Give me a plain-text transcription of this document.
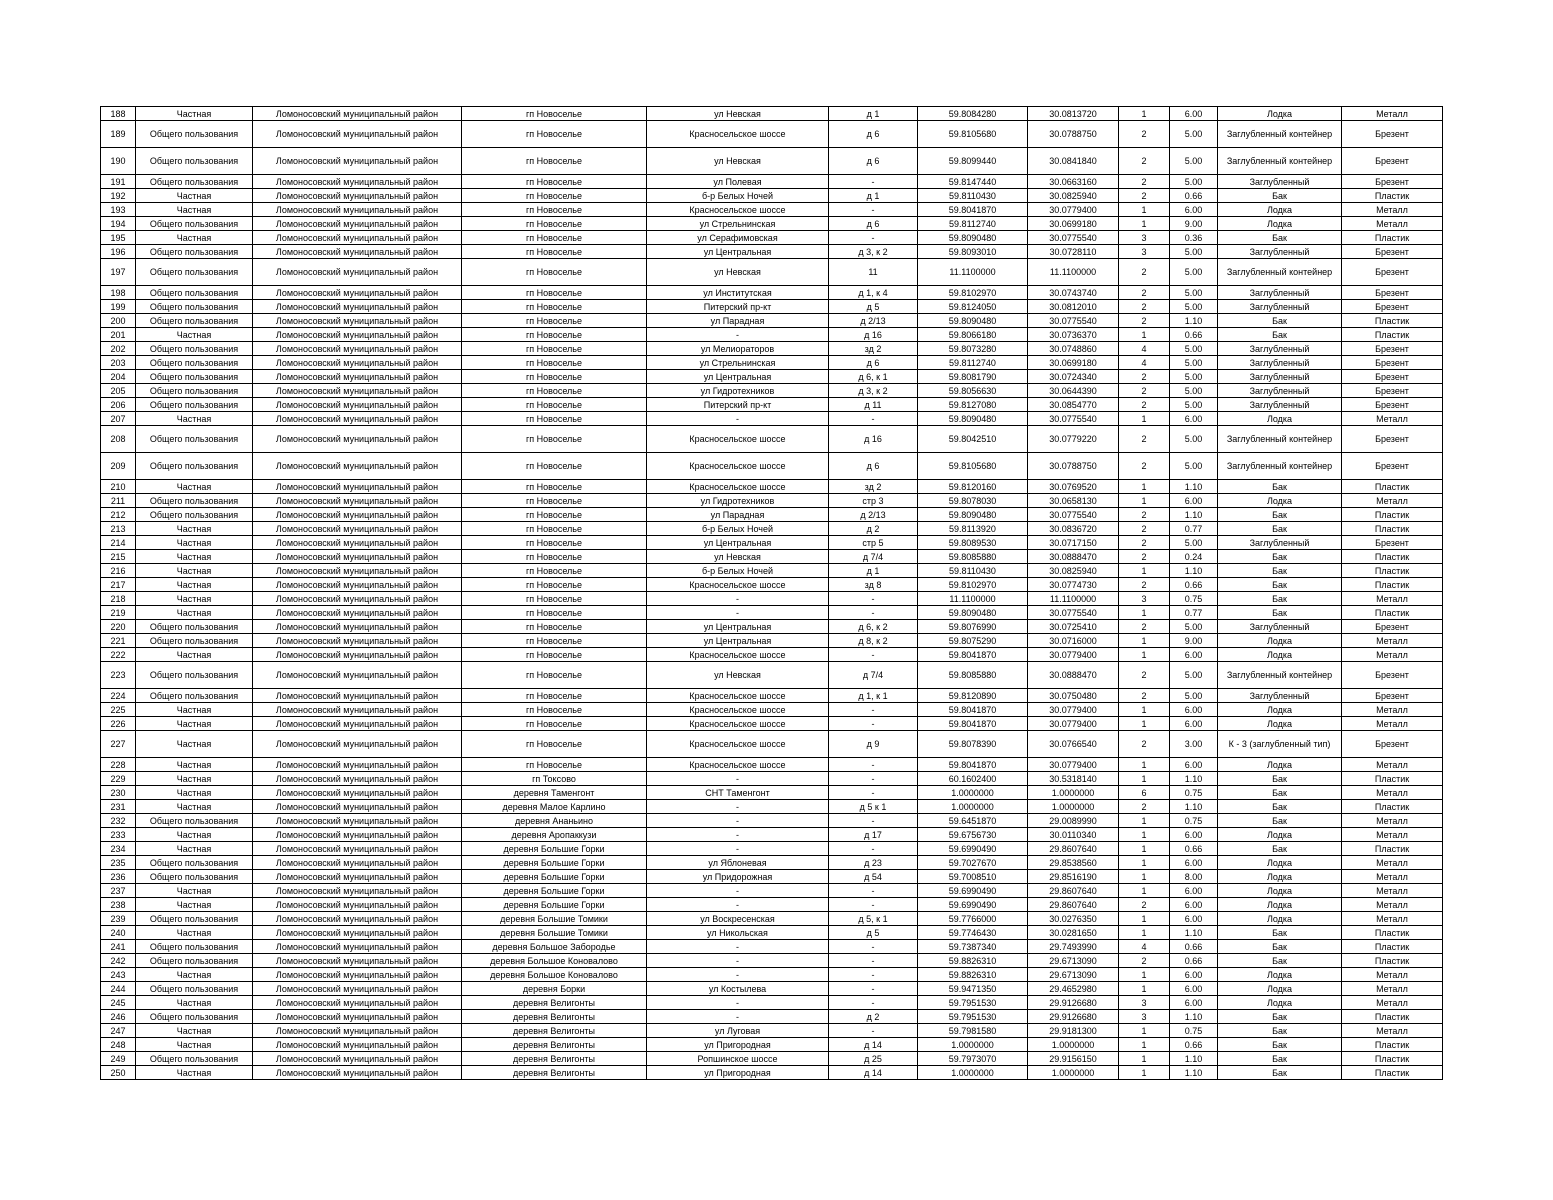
188	Частная	Ломоносовский муниципальный район	гп Новоселье	ул Невская	д 1	59.8084280	30.0813720	1	6.00	Лодка	Металл
189	Общего пользования	Ломоносовский муниципальный район	гп Новоселье	Красносельское шоссе	д 6	59.8105680	30.0788750	2	5.00	Заглубленный контейнер	Брезент
190	Общего пользования	Ломоносовский муниципальный район	гп Новоселье	ул Невская	д 6	59.8099440	30.0841840	2	5.00	Заглубленный контейнер	Брезент
191	Общего пользования	Ломоносовский муниципальный район	гп Новоселье	ул Полевая	-	59.8147440	30.0663160	2	5.00	Заглубленный	Брезент
192	Частная	Ломоносовский муниципальный район	гп Новоселье	б-р Белых Ночей	д 1	59.8110430	30.0825940	2	0.66	Бак	Пластик
193	Частная	Ломоносовский муниципальный район	гп Новоселье	Красносельское шоссе	-	59.8041870	30.0779400	1	6.00	Лодка	Металл
194	Общего пользования	Ломоносовский муниципальный район	гп Новоселье	ул Стрельнинская	д 6	59.8112740	30.0699180	1	9.00	Лодка	Металл
195	Частная	Ломоносовский муниципальный район	гп Новоселье	ул Серафимовская	-	59.8090480	30.0775540	3	0.36	Бак	Пластик
196	Общего пользования	Ломоносовский муниципальный район	гп Новоселье	ул Центральная	д 3, к 2	59.8093010	30.0728110	3	5.00	Заглубленный	Брезент
197	Общего пользования	Ломоносовский муниципальный район	гп Новоселье	ул Невская	11	11.1100000	11.1100000	2	5.00	Заглубленный контейнер	Брезент
198	Общего пользования	Ломоносовский муниципальный район	гп Новоселье	ул Институтская	д 1, к 4	59.8102970	30.0743740	2	5.00	Заглубленный	Брезент
199	Общего пользования	Ломоносовский муниципальный район	гп Новоселье	Питерский пр-кт	д 5	59.8124050	30.0812010	2	5.00	Заглубленный	Брезент
200	Общего пользования	Ломоносовский муниципальный район	гп Новоселье	ул Парадная	д 2/13	59.8090480	30.0775540	2	1.10	Бак	Пластик
201	Частная	Ломоносовский муниципальный район	гп Новоселье	-	д 16	59.8066180	30.0736370	1	0.66	Бак	Пластик
202	Общего пользования	Ломоносовский муниципальный район	гп Новоселье	ул Мелиораторов	зд 2	59.8073280	30.0748860	4	5.00	Заглубленный	Брезент
203	Общего пользования	Ломоносовский муниципальный район	гп Новоселье	ул Стрельнинская	д 6	59.8112740	30.0699180	4	5.00	Заглубленный	Брезент
204	Общего пользования	Ломоносовский муниципальный район	гп Новоселье	ул Центральная	д 6, к 1	59.8081790	30.0724340	2	5.00	Заглубленный	Брезент
205	Общего пользования	Ломоносовский муниципальный район	гп Новоселье	ул Гидротехников	д 3, к 2	59.8056630	30.0644390	2	5.00	Заглубленный	Брезент
206	Общего пользования	Ломоносовский муниципальный район	гп Новоселье	Питерский пр-кт	д 11	59.8127080	30.0854770	2	5.00	Заглубленный	Брезент
207	Частная	Ломоносовский муниципальный район	гп Новоселье	-	-	59.8090480	30.0775540	1	6.00	Лодка	Металл
208	Общего пользования	Ломоносовский муниципальный район	гп Новоселье	Красносельское шоссе	д 16	59.8042510	30.0779220	2	5.00	Заглубленный контейнер	Брезент
209	Общего пользования	Ломоносовский муниципальный район	гп Новоселье	Красносельское шоссе	д 6	59.8105680	30.0788750	2	5.00	Заглубленный контейнер	Брезент
210	Частная	Ломоносовский муниципальный район	гп Новоселье	Красносельское шоссе	зд 2	59.8120160	30.0769520	1	1.10	Бак	Пластик
211	Общего пользования	Ломоносовский муниципальный район	гп Новоселье	ул Гидротехников	стр 3	59.8078030	30.0658130	1	6.00	Лодка	Металл
212	Общего пользования	Ломоносовский муниципальный район	гп Новоселье	ул Парадная	д 2/13	59.8090480	30.0775540	2	1.10	Бак	Пластик
213	Частная	Ломоносовский муниципальный район	гп Новоселье	б-р Белых Ночей	д 2	59.8113920	30.0836720	2	0.77	Бак	Пластик
214	Частная	Ломоносовский муниципальный район	гп Новоселье	ул Центральная	стр 5	59.8089530	30.0717150	2	5.00	Заглубленный	Брезент
215	Частная	Ломоносовский муниципальный район	гп Новоселье	ул Невская	д 7/4	59.8085880	30.0888470	2	0.24	Бак	Пластик
216	Частная	Ломоносовский муниципальный район	гп Новоселье	б-р Белых Ночей	д 1	59.8110430	30.0825940	1	1.10	Бак	Пластик
217	Частная	Ломоносовский муниципальный район	гп Новоселье	Красносельское шоссе	зд 8	59.8102970	30.0774730	2	0.66	Бак	Пластик
218	Частная	Ломоносовский муниципальный район	гп Новоселье	-	-	11.1100000	11.1100000	3	0.75	Бак	Металл
219	Частная	Ломоносовский муниципальный район	гп Новоселье	-	-	59.8090480	30.0775540	1	0.77	Бак	Пластик
220	Общего пользования	Ломоносовский муниципальный район	гп Новоселье	ул Центральная	д 6, к 2	59.8076990	30.0725410	2	5.00	Заглубленный	Брезент
221	Общего пользования	Ломоносовский муниципальный район	гп Новоселье	ул Центральная	д 8, к 2	59.8075290	30.0716000	1	9.00	Лодка	Металл
222	Частная	Ломоносовский муниципальный район	гп Новоселье	Красносельское шоссе	-	59.8041870	30.0779400	1	6.00	Лодка	Металл
223	Общего пользования	Ломоносовский муниципальный район	гп Новоселье	ул Невская	д 7/4	59.8085880	30.0888470	2	5.00	Заглубленный контейнер	Брезент
224	Общего пользования	Ломоносовский муниципальный район	гп Новоселье	Красносельское шоссе	д 1, к 1	59.8120890	30.0750480	2	5.00	Заглубленный	Брезент
225	Частная	Ломоносовский муниципальный район	гп Новоселье	Красносельское шоссе	-	59.8041870	30.0779400	1	6.00	Лодка	Металл
226	Частная	Ломоносовский муниципальный район	гп Новоселье	Красносельское шоссе	-	59.8041870	30.0779400	1	6.00	Лодка	Металл
227	Частная	Ломоносовский муниципальный район	гп Новоселье	Красносельское шоссе	д 9	59.8078390	30.0766540	2	3.00	К - 3 (заглубленный тип)	Брезент
228	Частная	Ломоносовский муниципальный район	гп Новоселье	Красносельское шоссе	-	59.8041870	30.0779400	1	6.00	Лодка	Металл
229	Частная	Ломоносовский муниципальный район	гп Токсово	-	-	60.1602400	30.5318140	1	1.10	Бак	Пластик
230	Частная	Ломоносовский муниципальный район	деревня Таменгонт	СНТ Таменгонт	-	1.0000000	1.0000000	6	0.75	Бак	Металл
231	Частная	Ломоносовский муниципальный район	деревня Малое Карлино	-	д 5 к 1	1.0000000	1.0000000	2	1.10	Бак	Пластик
232	Общего пользования	Ломоносовский муниципальный район	деревня Ананьино	-	-	59.6451870	29.0089990	1	0.75	Бак	Металл
233	Частная	Ломоносовский муниципальный район	деревня Аропаккузи	-	д 17	59.6756730	30.0110340	1	6.00	Лодка	Металл
234	Частная	Ломоносовский муниципальный район	деревня Большие Горки	-	-	59.6990490	29.8607640	1	0.66	Бак	Пластик
235	Общего пользования	Ломоносовский муниципальный район	деревня Большие Горки	ул Яблоневая	д 23	59.7027670	29.8538560	1	6.00	Лодка	Металл
236	Общего пользования	Ломоносовский муниципальный район	деревня Большие Горки	ул Придорожная	д 54	59.7008510	29.8516190	1	8.00	Лодка	Металл
237	Частная	Ломоносовский муниципальный район	деревня Большие Горки	-	-	59.6990490	29.8607640	1	6.00	Лодка	Металл
238	Частная	Ломоносовский муниципальный район	деревня Большие Горки	-	-	59.6990490	29.8607640	2	6.00	Лодка	Металл
239	Общего пользования	Ломоносовский муниципальный район	деревня Большие Томики	ул Воскресенская	д 5, к 1	59.7766000	30.0276350	1	6.00	Лодка	Металл
240	Частная	Ломоносовский муниципальный район	деревня Большие Томики	ул Никольская	д 5	59.7746430	30.0281650	1	1.10	Бак	Пластик
241	Общего пользования	Ломоносовский муниципальный район	деревня Большое Забородье	-	-	59.7387340	29.7493990	4	0.66	Бак	Пластик
242	Общего пользования	Ломоносовский муниципальный район	деревня Большое Коновалово	-	-	59.8826310	29.6713090	2	0.66	Бак	Пластик
243	Частная	Ломоносовский муниципальный район	деревня Большое Коновалово	-	-	59.8826310	29.6713090	1	6.00	Лодка	Металл
244	Общего пользования	Ломоносовский муниципальный район	деревня Борки	ул Костылева	-	59.9471350	29.4652980	1	6.00	Лодка	Металл
245	Частная	Ломоносовский муниципальный район	деревня Велигонты	-	-	59.7951530	29.9126680	3	6.00	Лодка	Металл
246	Общего пользования	Ломоносовский муниципальный район	деревня Велигонты	-	д 2	59.7951530	29.9126680	3	1.10	Бак	Пластик
247	Частная	Ломоносовский муниципальный район	деревня Велигонты	ул Луговая	-	59.7981580	29.9181300	1	0.75	Бак	Металл
248	Частная	Ломоносовский муниципальный район	деревня Велигонты	ул Пригородная	д 14	1.0000000	1.0000000	1	0.66	Бак	Пластик
249	Общего пользования	Ломоносовский муниципальный район	деревня Велигонты	Ропшинское шоссе	д 25	59.7973070	29.9156150	1	1.10	Бак	Пластик
250	Частная	Ломоносовский муниципальный район	деревня Велигонты	ул Пригородная	д 14	1.0000000	1.0000000	1	1.10	Бак	Пластик
